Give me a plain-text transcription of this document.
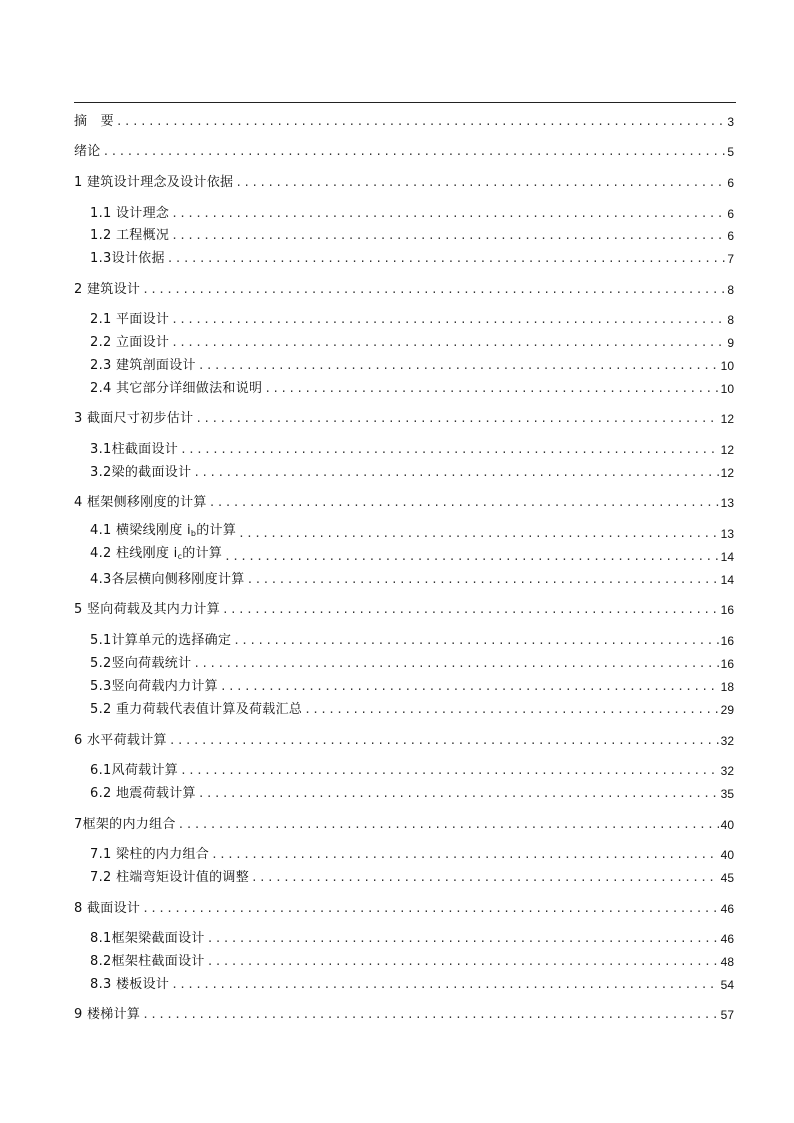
摘　要 .....	3
绪论 .....	5
1 建筑设计理念及设计依据 .....	6
1.1 设计理念 .....	6
1.2 工程概况 .....	6
1.3设计依据 .....	7
2 建筑设计 .....	8
2.1 平面设计 .....	8
2.2 立面设计 .....	9
2.3 建筑剖面设计 .....	10
2.4 其它部分详细做法和说明 .....	10
3 截面尺寸初步估计 .....	12
3.1柱截面设计 .....	12
3.2梁的截面设计 .....	12
4 框架侧移刚度的计算 .....	13
4.1 横梁线刚度 $i_b$的计算 .....	13
4.2 柱线刚度 $i_c$的计算 .....	14
4.3各层横向侧移刚度计算 .....	14
5 竖向荷载及其内力计算 .....	16
5.1计算单元的选择确定 .....	16
5.2竖向荷载统计 .....	16
5.3竖向荷载内力计算 .....	18
5.2 重力荷载代表值计算及荷载汇总 .....	29
6 水平荷载计算 .....	32
6.1风荷载计算 .....	32
6.2 地震荷载计算 .....	35
7框架的内力组合 .....	40
7.1 梁柱的内力组合 .....	40
7.2 柱端弯矩设计值的调整 .....	45
8 截面设计 .....	46
8.1框架梁截面设计 .....	46
8.2框架柱截面设计 .....	48
8.3 楼板设计 .....	54
9 楼梯计算 .....	57
